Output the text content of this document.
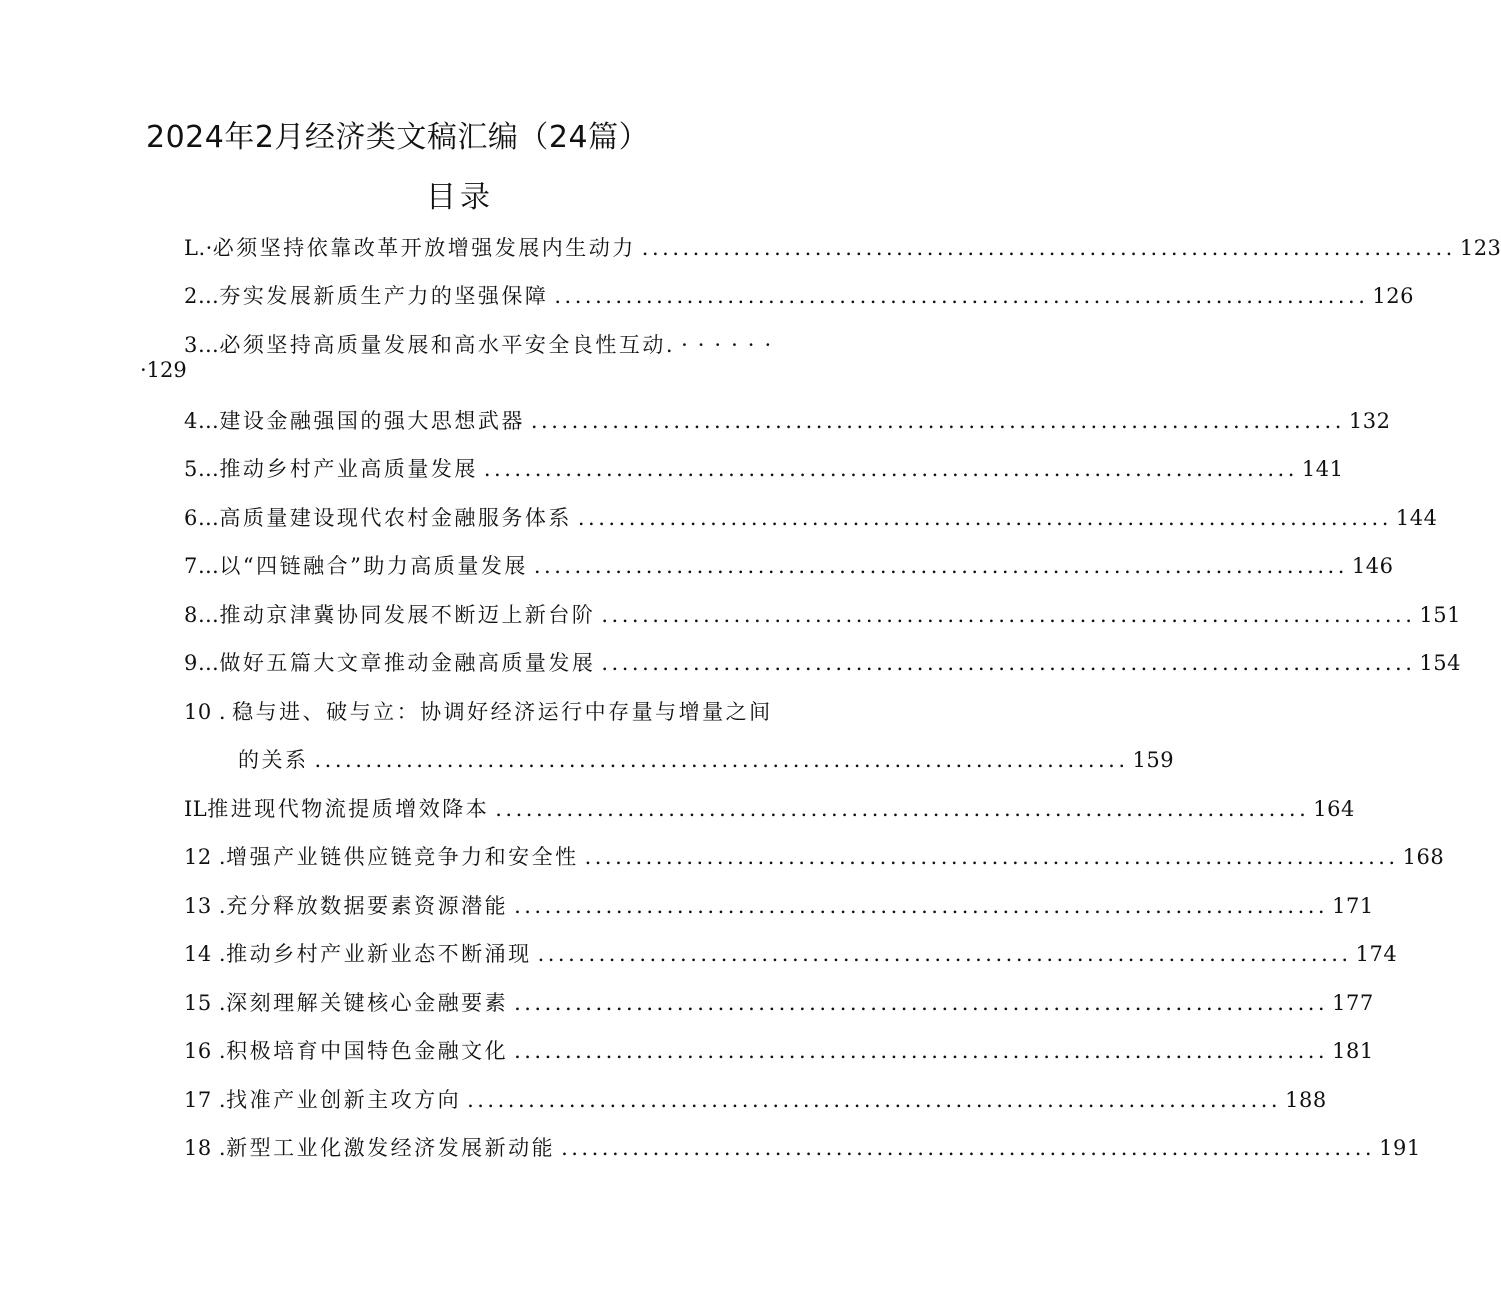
2024年2月经济类文稿汇编（24篇）
目录
L.· 必须坚持依靠改革开放增强发展内生动力 ................................................................................ 123
2… 夯实发展新质生产力的坚强保障 ................................................................................ 126
3… 必须坚持高质量发展和高水平安全良性互动. ······
·129
4… 建设金融强国的强大思想武器 ................................................................................ 132
5… 推动乡村产业高质量发展 ................................................................................ 141
6… 高质量建设现代农村金融服务体系 ................................................................................ 144
7… 以“四链融合”助力高质量发展 ................................................................................ 146
8… 推动京津冀协同发展不断迈上新台阶 ................................................................................ 151
9… 做好五篇大文章推动金融高质量发展 ................................................................................ 154
10 . 稳与进、破与立：协调好经济运行中存量与增量之间
的关系 ................................................................................ 159
IL 推进现代物流提质增效降本 ................................................................................ 164
12 . 增强产业链供应链竞争力和安全性 ................................................................................ 168
13 . 充分释放数据要素资源潜能 ................................................................................ 171
14 . 推动乡村产业新业态不断涌现 ................................................................................ 174
15 . 深刻理解关键核心金融要素 ................................................................................ 177
16 . 积极培育中国特色金融文化 ................................................................................ 181
17 . 找准产业创新主攻方向 ................................................................................ 188
18 . 新型工业化激发经济发展新动能 ................................................................................ 191
